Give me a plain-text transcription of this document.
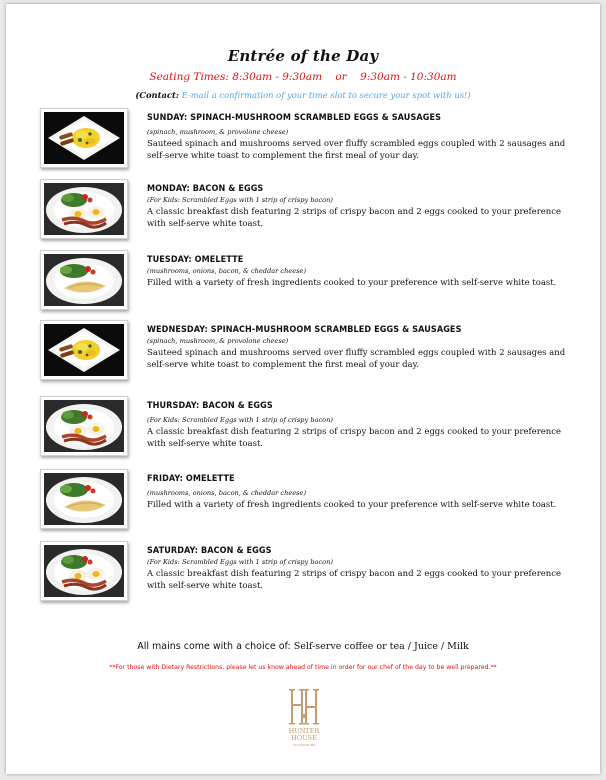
Entrée of the Day
Seating Times: 8:30am - 9:30am or 9:30am - 10:30am
(Contact: E-mail a confirmation of your time slot to secure your spot with us!)
SUNDAY: SPINACH-MUSHROOM SCRAMBLED EGGS & SAUSAGES
(spinach, mushroom, & provolone cheese)
Sauteed spinach and mushrooms served over fluffy scrambled eggs coupled with 2 sausages and self-serve white toast to complement the first meal of your day.
MONDAY: BACON & EGGS
(For Kids: Scrambled Eggs with 1 strip of crispy bacon)
A classic breakfast dish featuring 2 strips of crispy bacon and 2 eggs cooked to your preference with self-serve white toast.
TUESDAY: OMELETTE
(mushrooms, onions, bacon, & cheddar cheese)
Filled with a variety of fresh ingredients cooked to your preference with self-serve white toast.
WEDNESDAY: SPINACH-MUSHROOM SCRAMBLED EGGS & SAUSAGES
(spinach, mushroom, & provolone cheese)
Sauteed spinach and mushrooms served over fluffy scrambled eggs coupled with 2 sausages and self-serve white toast to complement the first meal of your day.
THURSDAY: BACON & EGGS
(For Kids: Scrambled Eggs with 1 strip of crispy bacon)
A classic breakfast dish featuring 2 strips of crispy bacon and 2 eggs cooked to your preference with self-serve white toast.
FRIDAY: OMELETTE
(mushrooms, onions, bacon, & cheddar cheese)
Filled with a variety of fresh ingredients cooked to your preference with self-serve white toast.
SATURDAY: BACON & EGGS
(For Kids: Scrambled Eggs with 1 strip of crispy bacon)
A classic breakfast dish featuring 2 strips of crispy bacon and 2 eggs cooked to your preference with self-serve white toast.
All mains come with a choice of: Self-serve coffee or tea / Juice / Milk
**For those with Dietary Restrictions, please let us know ahead of time in order for our chef of the day to be well prepared.**
HUNTER
HOUSE
VICTORIAN INN
